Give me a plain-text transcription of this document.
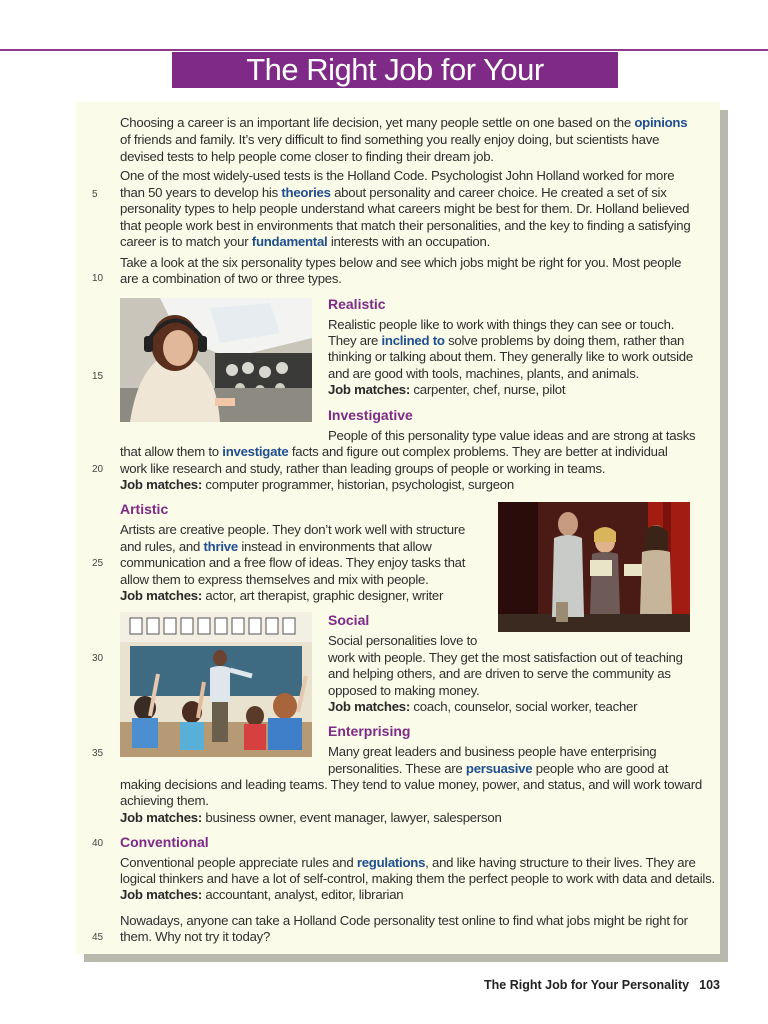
The Right Job for Your
5
10
15
20
25
30
35
40
45
Choosing a career is an important life decision, yet many people settle on one based on the opinions
of friends and family. It’s very difficult to find something you really enjoy doing, but scientists have
devised tests to help people come closer to finding their dream job.
One of the most widely-used tests is the Holland Code. Psychologist John Holland worked for more
than 50 years to develop his theories about personality and career choice. He created a set of six
personality types to help people understand what careers might be best for them. Dr. Holland believed
that people work best in environments that match their personalities, and the key to finding a satisfying
career is to match your fundamental interests with an occupation.
Take a look at the six personality types below and see which jobs might be right for you. Most people
are a combination of two or three types.
Realistic
Realistic people like to work with things they can see or touch.
They are inclined to solve problems by doing them, rather than
thinking or talking about them. They generally like to work outside
and are good with tools, machines, plants, and animals.
Job matches: carpenter, chef, nurse, pilot
Investigative
People of this personality type value ideas and are strong at tasks
that allow them to investigate facts and figure out complex problems. They are better at individual
work like research and study, rather than leading groups of people or working in teams.
Job matches: computer programmer, historian, psychologist, surgeon
Artistic
Artists are creative people. They don’t work well with structure
and rules, and thrive instead in environments that allow
communication and a free flow of ideas. They enjoy tasks that
allow them to express themselves and mix with people.
Job matches: actor, art therapist, graphic designer, writer
Social
Social personalities love to
work with people. They get the most satisfaction out of teaching
and helping others, and are driven to serve the community as
opposed to making money.
Job matches: coach, counselor, social worker, teacher
Enterprising
Many great leaders and business people have enterprising
personalities. These are persuasive people who are good at
making decisions and leading teams. They tend to value money, power, and status, and will work toward
achieving them.
Job matches: business owner, event manager, lawyer, salesperson
Conventional
Conventional people appreciate rules and regulations, and like having structure to their lives. They are
logical thinkers and have a lot of self-control, making them the perfect people to work with data and details.
Job matches: accountant, analyst, editor, librarian
Nowadays, anyone can take a Holland Code personality test online to find what jobs might be right for
them. Why not try it today?
The Right Job for Your Personality 103
